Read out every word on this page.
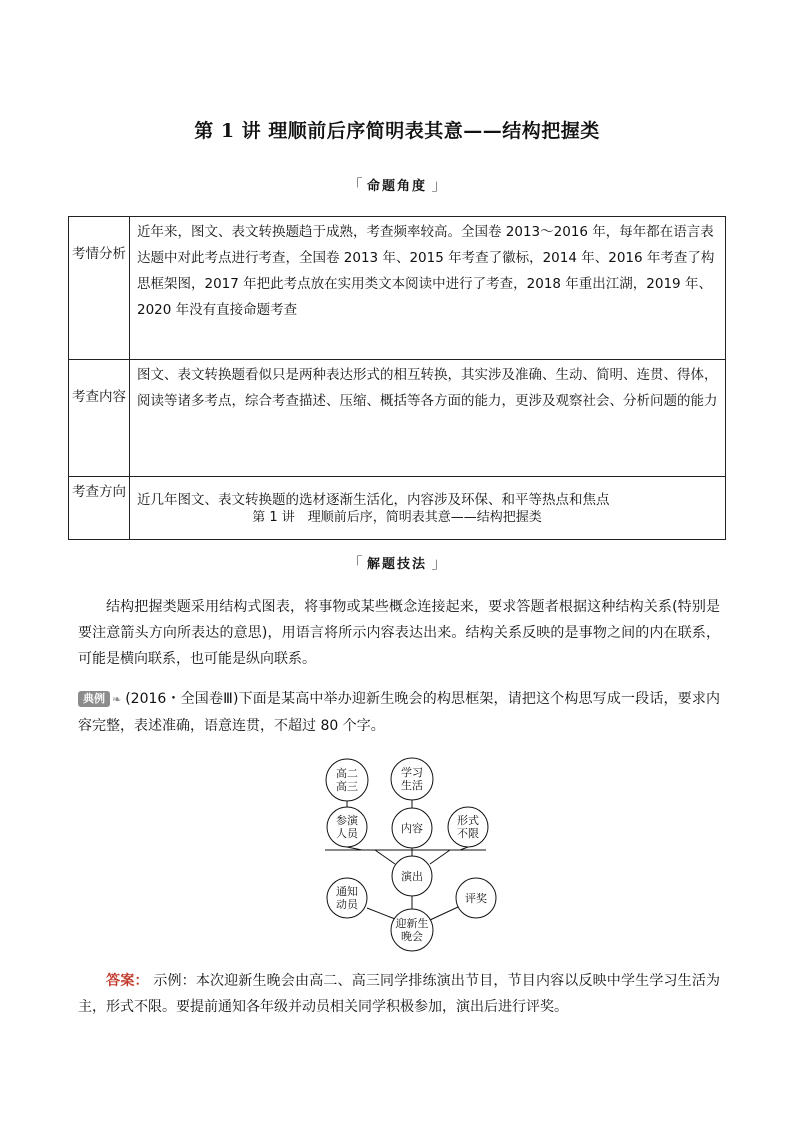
第 1 讲 理顺前后序简明表其意——结构把握类
「 命题角度 」
考情分析	近年来，图文、表文转换题趋于成熟，考查频率较高。全国卷 2013～2016 年，每年都在语言表达题中对此考点进行考查，全国卷 2013 年、2015 年考查了徽标，2014 年、2016 年考查了构思框架图，2017 年把此考点放在实用类文本阅读中进行了考查，2018 年重出江湖，2019 年、2020 年没有直接命题考查
考查内容	图文、表文转换题看似只是两种表达形式的相互转换，其实涉及准确、生动、简明、连贯、得体，阅读等诸多考点，综合考查描述、压缩、概括等各方面的能力，更涉及观察社会、分析问题的能力
考查方向	近几年图文、表文转换题的选材逐渐生活化，内容涉及环保、和平等热点和焦点
第 1 讲　理顺前后序，简明表其意——结构把握类
「 解题技法 」
结构把握类题采用结构式图表，将事物或某些概念连接起来，要求答题者根据这种结构关系(特别是要注意箭头方向所表达的意思)，用语言将所示内容表达出来。结构关系反映的是事物之间的内在联系，可能是横向联系，也可能是纵向联系。
典例 ❧ (2016・全国卷Ⅲ)下面是某高中举办迎新生晚会的构思框架，请把这个构思写成一段话，要求内容完整，表述准确，语意连贯，不超过 80 个字。
高二
高三
学习
生活
参演
人员	内容
形式
不限
演出
通知
动员	评奖
迎新生
晚会
答案： 示例：本次迎新生晚会由高二、高三同学排练演出节目，节目内容以反映中学生学习生活为主，形式不限。要提前通知各年级并动员相关同学积极参加，演出后进行评奖。
